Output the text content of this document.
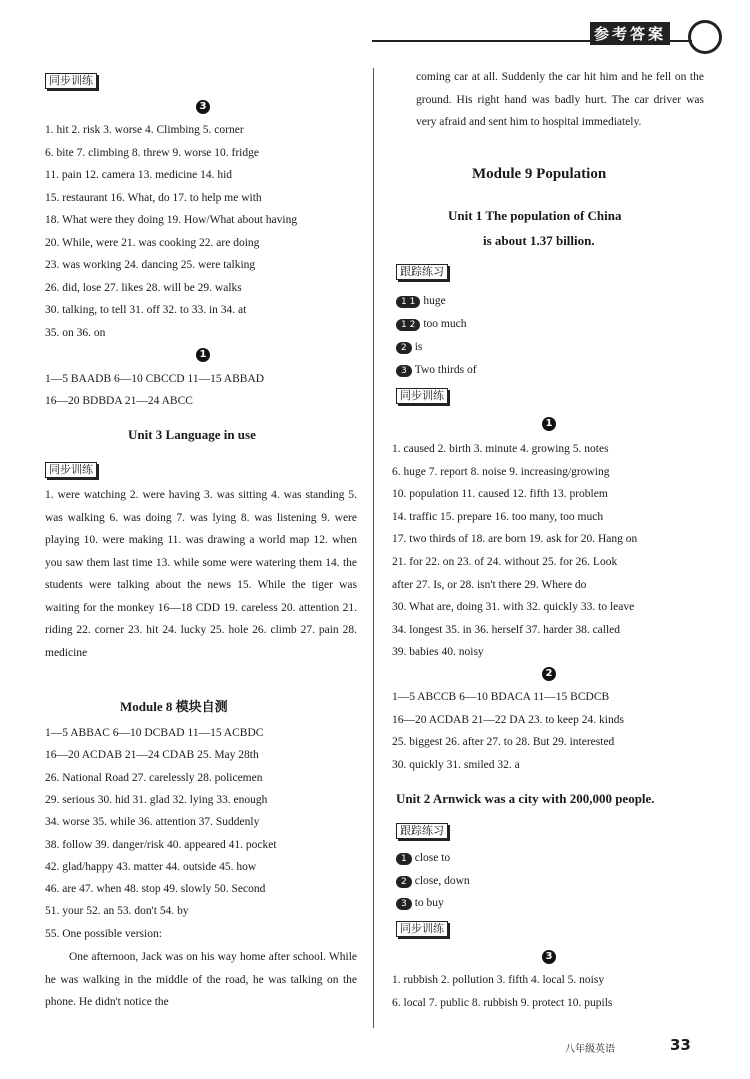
参考答案
同步训练
3
1. hit 2. risk 3. worse 4. Climbing 5. corner
6. bite 7. climbing 8. threw 9. worse 10. fridge
11. pain 12. camera 13. medicine 14. hid
15. restaurant 16. What, do 17. to help me with
18. What were they doing 19. How/What about having
20. While, were 21. was cooking 22. are doing
23. was working 24. dancing 25. were talking
26. did, lose 27. likes 28. will be 29. walks
30. talking, to tell 31. off 32. to 33. in 34. at
35. on 36. on
1
1—5 BAADB 6—10 CBCCD 11—15 ABBAD
16—20 BDBDA 21—24 ABCC
Unit 3 Language in use
同步训练
1. were watching 2. were having 3. was sitting 4. was standing 5. was walking 6. was doing 7. was lying 8. was listening 9. were playing 10. were making 11. was drawing a world map 12. when you saw them last time 13. while some were watering them 14. the students were talking about the news 15. While the tiger was waiting for the monkey 16—18 CDD 19. careless 20. attention 21. riding 22. corner 23. hit 24. lucky 25. hole 26. climb 27. pain 28. medicine
Module 8 模块自测
1—5 ABBAC 6—10 DCBAD 11—15 ACBDC
16—20 ACDAB 21—24 CDAB 25. May 28th
26. National Road 27. carelessly 28. policemen
29. serious 30. hid 31. glad 32. lying 33. enough
34. worse 35. while 36. attention 37. Suddenly
38. follow 39. danger/risk 40. appeared 41. pocket
42. glad/happy 43. matter 44. outside 45. how
46. are 47. when 48. stop 49. slowly 50. Second
51. your 52. an 53. don't 54. by
55. One possible version:
One afternoon, Jack was on his way home after school. While he was walking in the middle of the road, he was talking on the phone. He didn't notice the
coming car at all. Suddenly the car hit him and he fell on the ground. His right hand was badly hurt. The car driver was very afraid and sent him to hospital immediately.
Module 9 Population
Unit 1 The population of China
is about 1.37 billion.
跟踪练习
1 1 huge
1 2 too much
2 is
3 Two thirds of
同步训练
1
1. caused 2. birth 3. minute 4. growing 5. notes
6. huge 7. report 8. noise 9. increasing/growing
10. population 11. caused 12. fifth 13. problem
14. traffic 15. prepare 16. too many, too much
17. two thirds of 18. are born 19. ask for 20. Hang on
21. for 22. on 23. of 24. without 25. for 26. Look
after 27. Is, or 28. isn't there 29. Where do
30. What are, doing 31. with 32. quickly 33. to leave
34. longest 35. in 36. herself 37. harder 38. called
39. babies 40. noisy
2
1—5 ABCCB 6—10 BDACA 11—15 BCDCB
16—20 ACDAB 21—22 DA 23. to keep 24. kinds
25. biggest 26. after 27. to 28. But 29. interested
30. quickly 31. smiled 32. a
Unit 2 Arnwick was a city with 200,000 people.
跟踪练习
1 close to
2 close, down
3 to buy
同步训练
3
1. rubbish 2. pollution 3. fifth 4. local 5. noisy
6. local 7. public 8. rubbish 9. protect 10. pupils
八年级英语	33
